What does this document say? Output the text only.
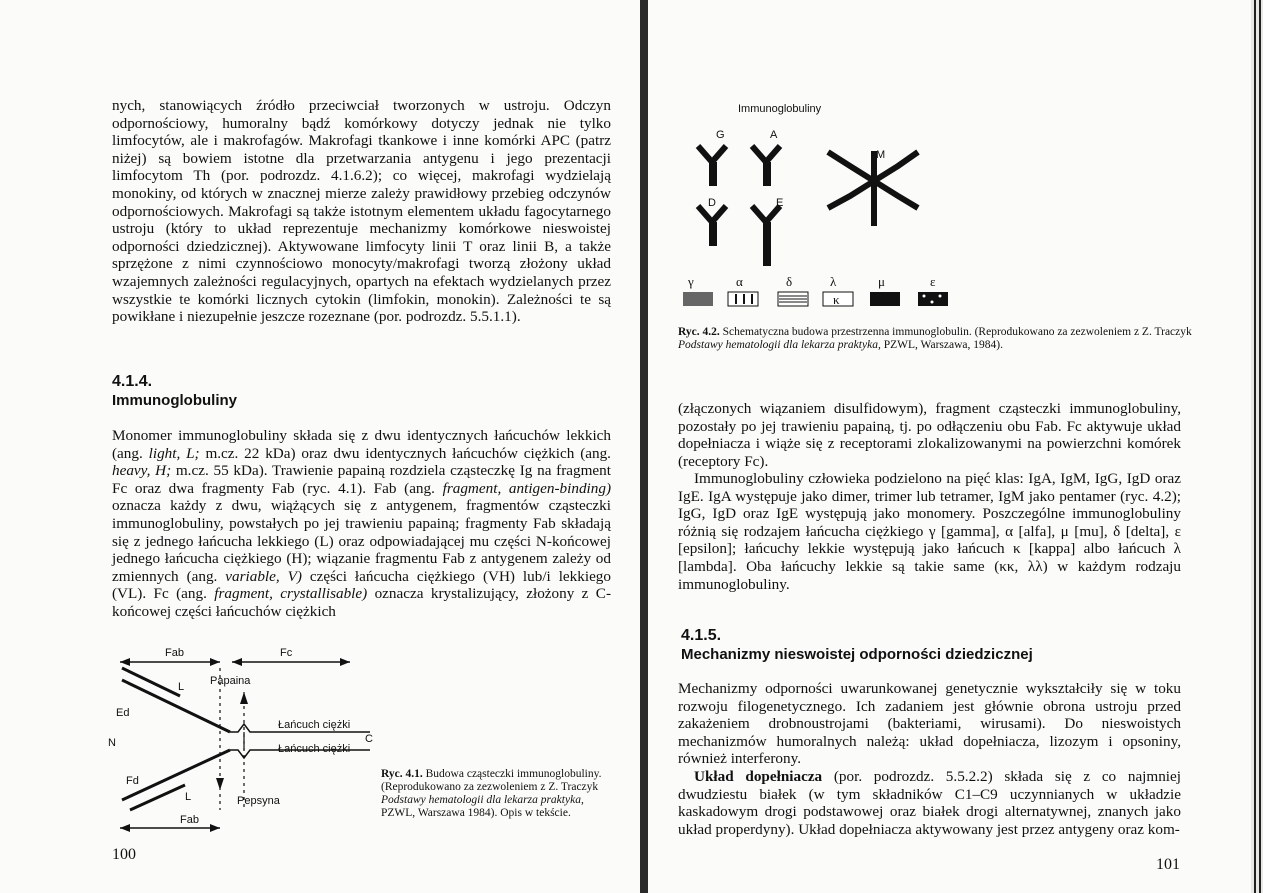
nych, stanowiących źródło przeciwciał tworzonych w ustroju. Odczyn odpornościowy, humoralny bądź komórkowy dotyczy jednak nie tylko limfocytów, ale i makrofagów. Makrofagi tkankowe i inne komórki APC (patrz niżej) są bowiem istotne dla przetwarzania antygenu i jego prezentacji limfocytom Th (por. podrozdz. 4.1.6.2); co więcej, makrofagi wydzielają monokiny, od których w znacznej mierze zależy prawidłowy przebieg odczynów odpornościowych. Makrofagi są także istotnym elementem układu fagocytarnego ustroju (który to układ reprezentuje mechanizmy komórkowe nieswoistej odporności dziedzicznej). Aktywowane limfocyty linii T oraz linii B, a także sprzężone z nimi czynnościowo monocyty/makrofagi tworzą złożony układ wzajemnych zależności regulacyjnych, opartych na efektach wydzielanych przez wszystkie te komórki licznych cytokin (limfokin, monokin). Zależności te są powikłane i niezupełnie jeszcze rozeznane (por. podrozdz. 5.5.1.1).

4.1.4.
Immunoglobuliny

Monomer immunoglobuliny składa się z dwu identycznych łańcuchów lekkich (ang. light, L; m.cz. 22 kDa) oraz dwu identycznych łańcuchów ciężkich (ang. heavy, H; m.cz. 55 kDa). Trawienie papainą rozdziela cząsteczkę Ig na fragment Fc oraz dwa fragmenty Fab (ryc. 4.1). Fab (ang. fragment, antigen-binding) oznacza każdy z dwu, wiążących się z antygenem, fragmentów cząsteczki immunoglobuliny, powstałych po jej trawieniu papainą; fragmenty Fab składają się z jednego łańcucha lekkiego (L) oraz odpowiadającej mu części N-końcowej jednego łańcucha ciężkiego (H); wiązanie fragmentu Fab z antygenem zależy od zmiennych (ang. variable, V) części łańcucha ciężkiego (VH) lub/i lekkiego (VL). Fc (ang. fragment, crystallisable) oznacza krystalizujący, złożony z C-końcowej części łańcuchów ciężkich

Fab	Fc
Papaina
L
Ed
N
Łańcuch ciężki
Łańcuch ciężki
C
Fd
L	Pepsyna
Fab
Ryc. 4.1. Budowa cząsteczki immunoglobuliny. (Reprodukowano za zezwoleniem z Z. Traczyk Podstawy hematologii dla lekarza praktyka, PZWL, Warszawa 1984). Opis w tekście.
100
Immunoglobuliny
G	A
M
D	E
γ	α	δ	λ	μ	ε
κ
Ryc. 4.2. Schematyczna budowa przestrzenna immunoglobulin. (Reprodukowano za zezwoleniem z Z. Traczyk Podstawy hematologii dla lekarza praktyka, PZWL, Warszawa, 1984).

(złączonych wiązaniem disulfidowym), fragment cząsteczki immunoglobuliny, pozostały po jej trawieniu papainą, tj. po odłączeniu obu Fab. Fc aktywuje układ dopełniacza i wiąże się z receptorami zlokalizowanymi na powierzchni komórek (receptory Fc).

Immunoglobuliny człowieka podzielono na pięć klas: IgA, IgM, IgG, IgD oraz IgE. IgA występuje jako dimer, trimer lub tetramer, IgM jako pentamer (ryc. 4.2); IgG, IgD oraz IgE występują jako monomery. Poszczególne immunoglobuliny różnią się rodzajem łańcucha ciężkiego γ [gamma], α [alfa], μ [mu], δ [delta], ε [epsilon]; łańcuchy lekkie występują jako łańcuch κ [kappa] albo łańcuch λ [lambda]. Oba łańcuchy lekkie są takie same (κκ, λλ) w każdym rodzaju immunoglobuliny.

4.1.5.
Mechanizmy nieswoistej odporności dziedzicznej

Mechanizmy odporności uwarunkowanej genetycznie wykształciły się w toku rozwoju filogenetycznego. Ich zadaniem jest głównie obrona ustroju przed zakażeniem drobnoustrojami (bakteriami, wirusami). Do nieswoistych mechanizmów humoralnych należą: układ dopełniacza, lizozym i opsoniny, również interferony.

Układ dopełniacza (por. podrozdz. 5.5.2.2) składa się z co najmniej dwudziestu białek (w tym składników C1–C9 uczynnianych w układzie kaskadowym drogi podstawowej oraz białek drogi alternatywnej, znanych jako układ properdyny). Układ dopełniacza aktywowany jest przez antygeny oraz kom-

101
